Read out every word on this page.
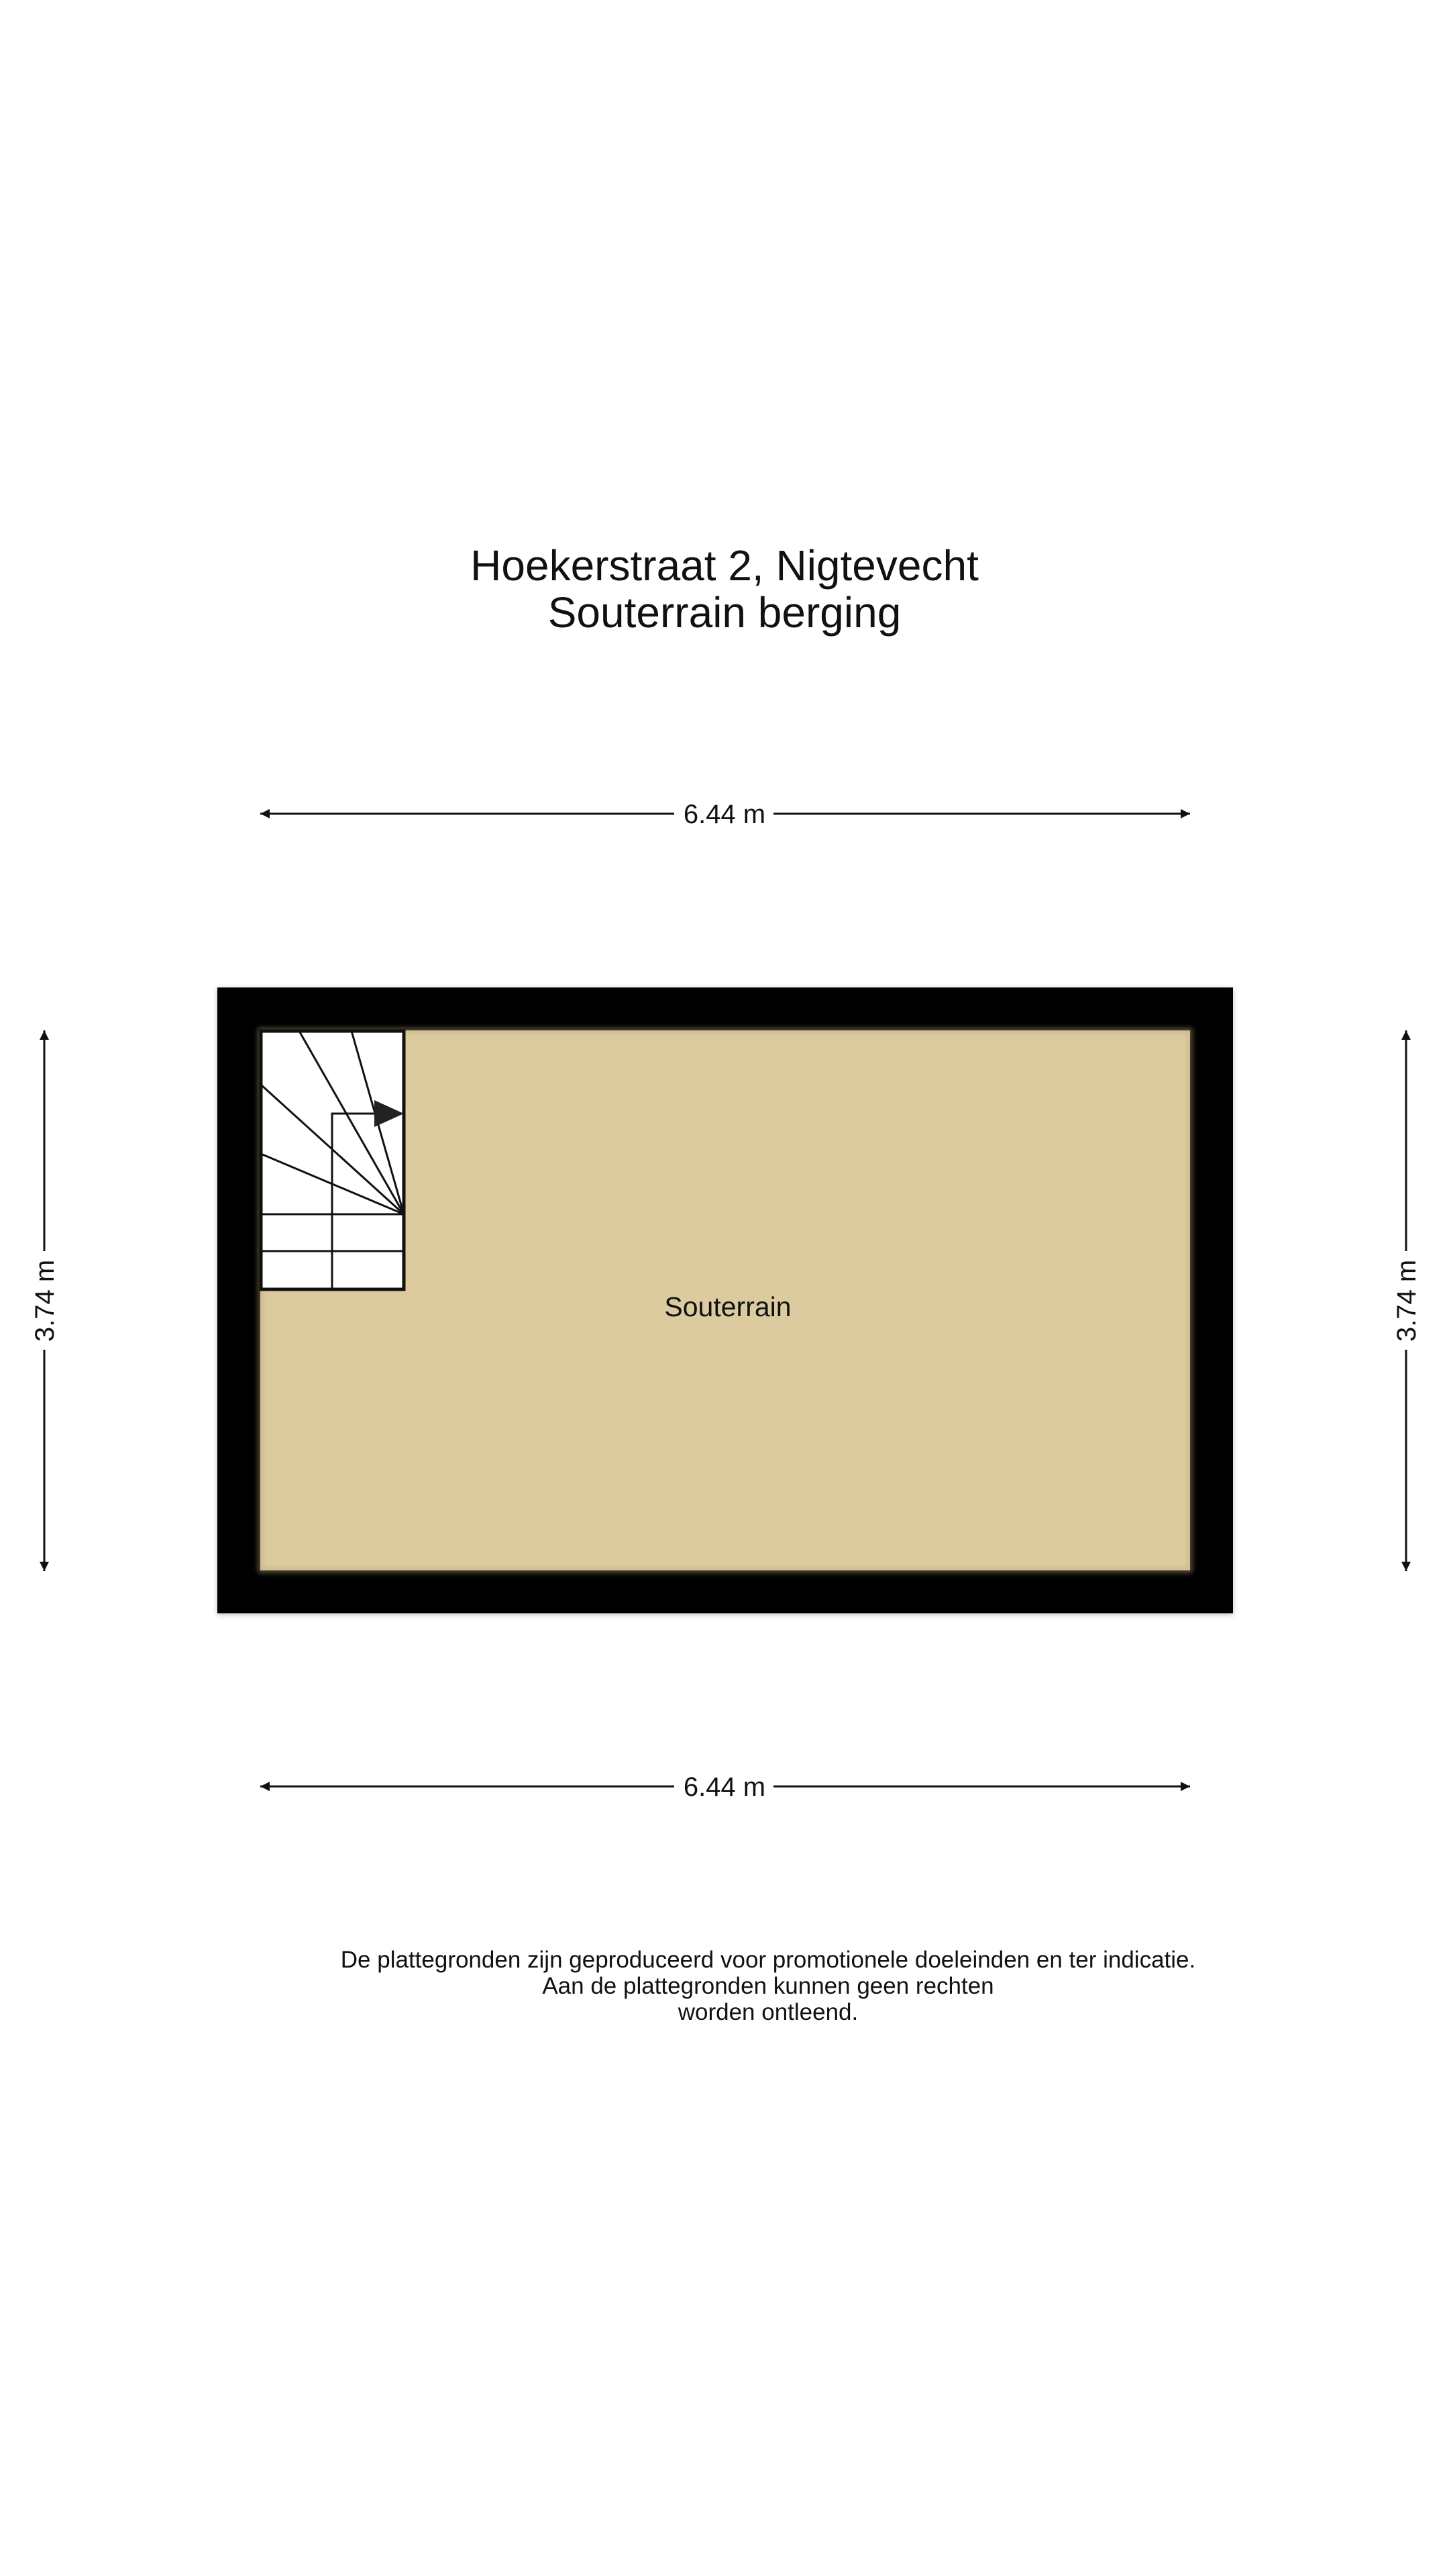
Hoekerstraat 2, Nigtevecht
Souterrain berging
6.44 m
6.44 m
3.74 m	3.74 m
Souterrain
De plattegronden zijn geproduceerd voor promotionele doeleinden en ter indicatie.
Aan de plattegronden kunnen geen rechten
worden ontleend.
